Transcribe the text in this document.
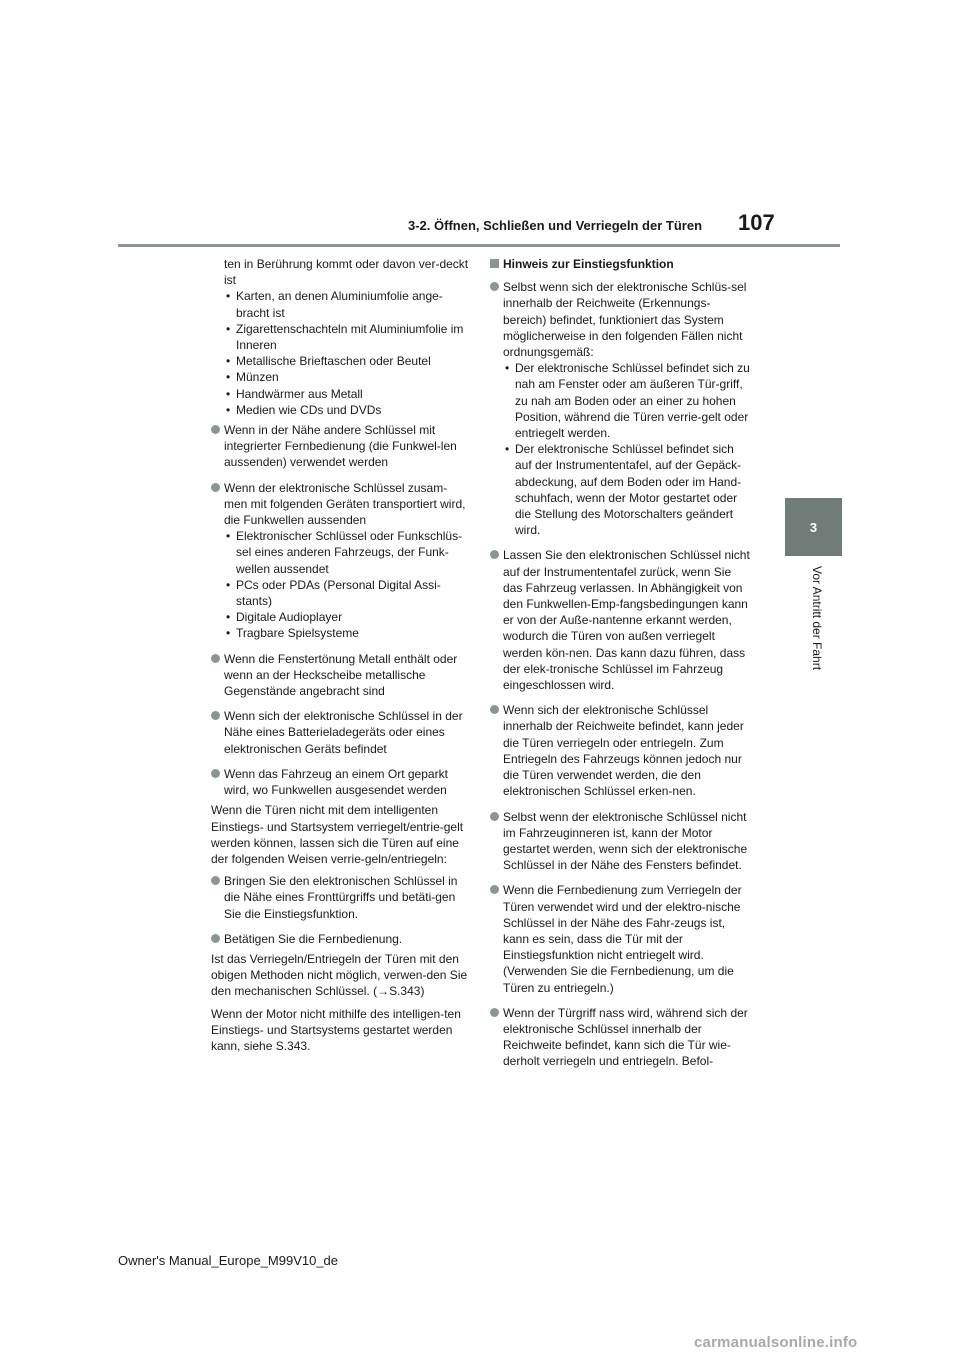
3-2. Öffnen, Schließen und Verriegeln der Türen 107
3
Vor Antritt der Fahrt

ten in Berührung kommt oder davon ver-deckt ist

• Karten, an denen Aluminiumfolie ange-bracht ist

• Zigarettenschachteln mit Aluminiumfolie im Inneren

• Metallische Brieftaschen oder Beutel

• Münzen

• Handwärmer aus Metall

• Medien wie CDs und DVDs

Wenn in der Nähe andere Schlüssel mit integrierter Fernbedienung (die Funkwel-len aussenden) verwendet werden

Wenn der elektronische Schlüssel zusam-men mit folgenden Geräten transportiert wird, die Funkwellen aussenden

• Elektronischer Schlüssel oder Funkschlüs-sel eines anderen Fahrzeugs, der Funk-wellen aussendet

• PCs oder PDAs (Personal Digital Assi-stants)

• Digitale Audioplayer

• Tragbare Spielsysteme

Wenn die Fenstertönung Metall enthält oder wenn an der Heckscheibe metallische Gegenstände angebracht sind

Wenn sich der elektronische Schlüssel in der Nähe eines Batterieladegeräts oder eines elektronischen Geräts befindet

Wenn das Fahrzeug an einem Ort geparkt wird, wo Funkwellen ausgesendet werden

Wenn die Türen nicht mit dem intelligenten Einstiegs- und Startsystem verriegelt/entrie-gelt werden können, lassen sich die Türen auf eine der folgenden Weisen verrie-geln/entriegeln:

Bringen Sie den elektronischen Schlüssel in die Nähe eines Fronttürgriffs und betäti-gen Sie die Einstiegsfunktion.

Betätigen Sie die Fernbedienung.

Ist das Verriegeln/Entriegeln der Türen mit den obigen Methoden nicht möglich, verwen-den Sie den mechanischen Schlüssel. (→S.343)

Wenn der Motor nicht mithilfe des intelligen-ten Einstiegs- und Startsystems gestartet werden kann, siehe S.343.

Hinweis zur Einstiegsfunktion

Selbst wenn sich der elektronische Schlüs-sel innerhalb der Reichweite (Erkennungs-bereich) befindet, funktioniert das System möglicherweise in den folgenden Fällen nicht ordnungsgemäß:

• Der elektronische Schlüssel befindet sich zu nah am Fenster oder am äußeren Tür-griff, zu nah am Boden oder an einer zu hohen Position, während die Türen verrie-gelt oder entriegelt werden.

• Der elektronische Schlüssel befindet sich auf der Instrumententafel, auf der Gepäck-abdeckung, auf dem Boden oder im Hand-schuhfach, wenn der Motor gestartet oder die Stellung des Motorschalters geändert wird.

Lassen Sie den elektronischen Schlüssel nicht auf der Instrumententafel zurück, wenn Sie das Fahrzeug verlassen. In Abhängigkeit von den Funkwellen-Emp-fangsbedingungen kann er von der Auße-nantenne erkannt werden, wodurch die Türen von außen verriegelt werden kön-nen. Das kann dazu führen, dass der elek-tronische Schlüssel im Fahrzeug eingeschlossen wird.

Wenn sich der elektronische Schlüssel innerhalb der Reichweite befindet, kann jeder die Türen verriegeln oder entriegeln. Zum Entriegeln des Fahrzeugs können jedoch nur die Türen verwendet werden, die den elektronischen Schlüssel erken-nen.

Selbst wenn der elektronische Schlüssel nicht im Fahrzeuginneren ist, kann der Motor gestartet werden, wenn sich der elektronische Schlüssel in der Nähe des Fensters befindet.

Wenn die Fernbedienung zum Verriegeln der Türen verwendet wird und der elektro-nische Schlüssel in der Nähe des Fahr-zeugs ist, kann es sein, dass die Tür mit der Einstiegsfunktion nicht entriegelt wird. (Verwenden Sie die Fernbedienung, um die Türen zu entriegeln.)

Wenn der Türgriff nass wird, während sich der elektronische Schlüssel innerhalb der Reichweite befindet, kann sich die Tür wie-derholt verriegeln und entriegeln. Befol-

Owner's Manual_Europe_M99V10_de
carmanualsonline.info
